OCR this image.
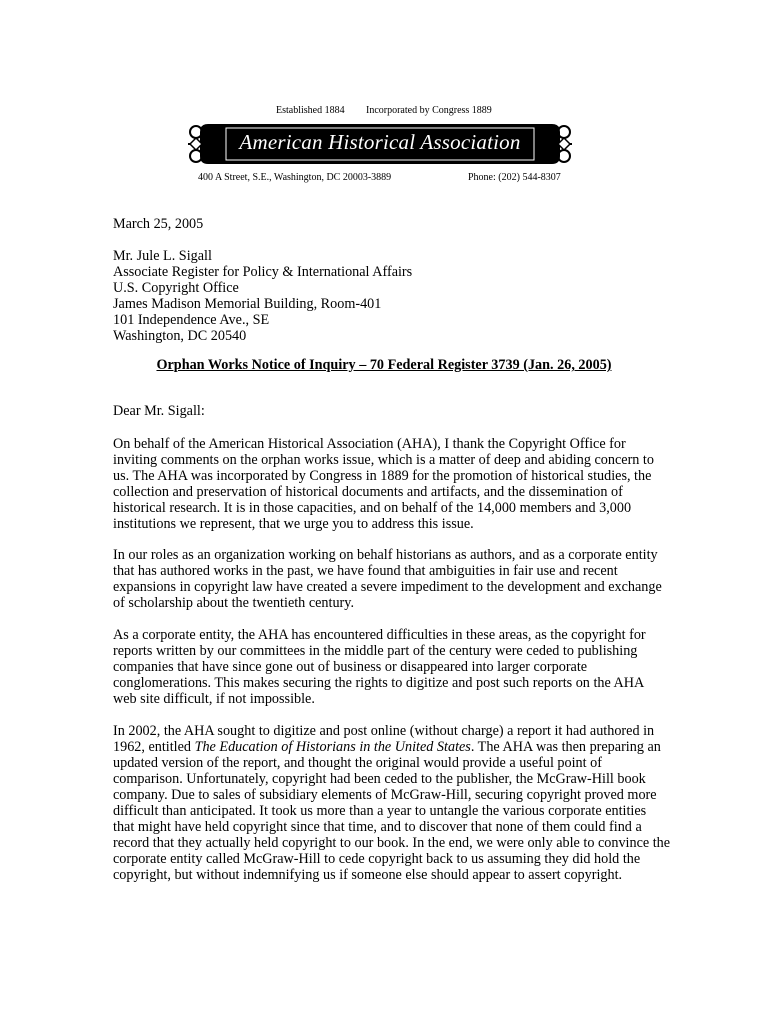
Established 1884 Incorporated by Congress 1889
American Historical Association
400 A Street, S.E., Washington, DC 20003-3889	Phone: (202) 544-8307
March 25, 2005
Mr. Jule L. Sigall
Associate Register for Policy & International Affairs
U.S. Copyright Office
James Madison Memorial Building, Room-401
101 Independence Ave., SE
Washington, DC 20540
Orphan Works Notice of Inquiry – 70 Federal Register 3739 (Jan. 26, 2005)
Dear Mr. Sigall:
On behalf of the American Historical Association (AHA), I thank the Copyright Office for
inviting comments on the orphan works issue, which is a matter of deep and abiding concern to
us. The AHA was incorporated by Congress in 1889 for the promotion of historical studies, the
collection and preservation of historical documents and artifacts, and the dissemination of
historical research. It is in those capacities, and on behalf of the 14,000 members and 3,000
institutions we represent, that we urge you to address this issue.
In our roles as an organization working on behalf historians as authors, and as a corporate entity
that has authored works in the past, we have found that ambiguities in fair use and recent
expansions in copyright law have created a severe impediment to the development and exchange
of scholarship about the twentieth century.
As a corporate entity, the AHA has encountered difficulties in these areas, as the copyright for
reports written by our committees in the middle part of the century were ceded to publishing
companies that have since gone out of business or disappeared into larger corporate
conglomerations. This makes securing the rights to digitize and post such reports on the AHA
web site difficult, if not impossible.
In 2002, the AHA sought to digitize and post online (without charge) a report it had authored in
1962, entitled The Education of Historians in the United States. The AHA was then preparing an
updated version of the report, and thought the original would provide a useful point of
comparison. Unfortunately, copyright had been ceded to the publisher, the McGraw-Hill book
company. Due to sales of subsidiary elements of McGraw-Hill, securing copyright proved more
difficult than anticipated. It took us more than a year to untangle the various corporate entities
that might have held copyright since that time, and to discover that none of them could find a
record that they actually held copyright to our book. In the end, we were only able to convince the
corporate entity called McGraw-Hill to cede copyright back to us assuming they did hold the
copyright, but without indemnifying us if someone else should appear to assert copyright.
